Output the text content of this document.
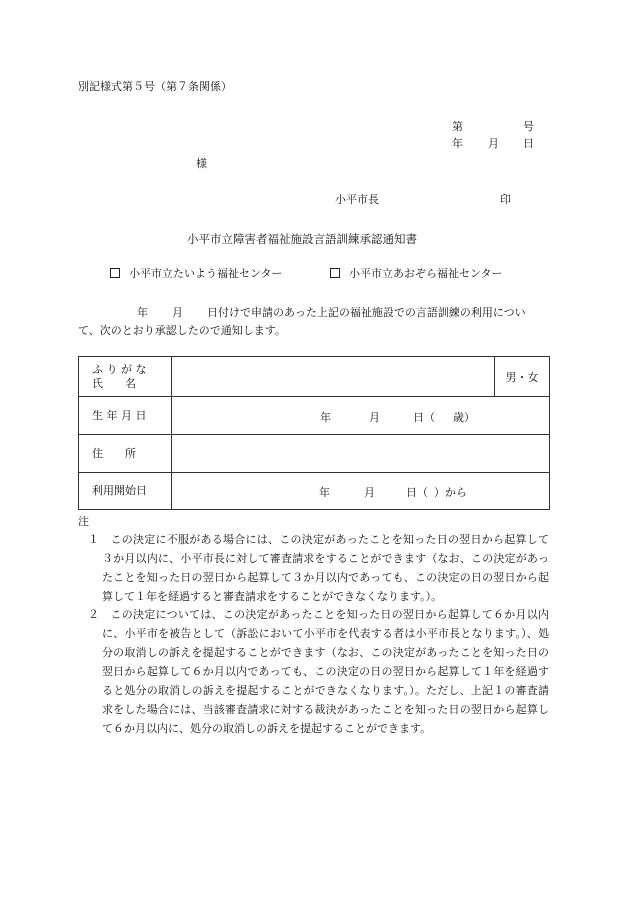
別記様式第５号（第７条関係）
第	号
年 月 日
様
小平市長	印
小平市立障害者福祉施設言語訓練承認通知書
小平市立たいよう福祉センター	小平市立あおぞら福祉センター
年 月 日付けで申請のあった上記の福祉施設での言語訓練の利用につい
て、次のとおり承認したので通知します。
ふ り が な
氏　　名		男・女

生 年 月 日	年 月 日（ 歳）	

住　　所		

利用開始日	年 月 日（ ）から	
注
１　この決定に不服がある場合には、この決定があったことを知った日の翌日から起算して３か月以内に、小平市長に対して審査請求をすることができます（なお、この決定があったことを知った日の翌日から起算して３か月以内であっても、この決定の日の翌日から起算して１年を経過すると審査請求をすることができなくなります。）。
２　この決定については、この決定があったことを知った日の翌日から起算して６か月以内に、小平市を被告として（訴訟において小平市を代表する者は小平市長となります。）、処分の取消しの訴えを提起することができます（なお、この決定があったことを知った日の翌日から起算して６か月以内であっても、この決定の日の翌日から起算して１年を経過すると処分の取消しの訴えを提起することができなくなります。）。ただし、上記１の審査請求をした場合には、当該審査請求に対する裁決があったことを知った日の翌日から起算して６か月以内に、処分の取消しの訴えを提起することができます。
